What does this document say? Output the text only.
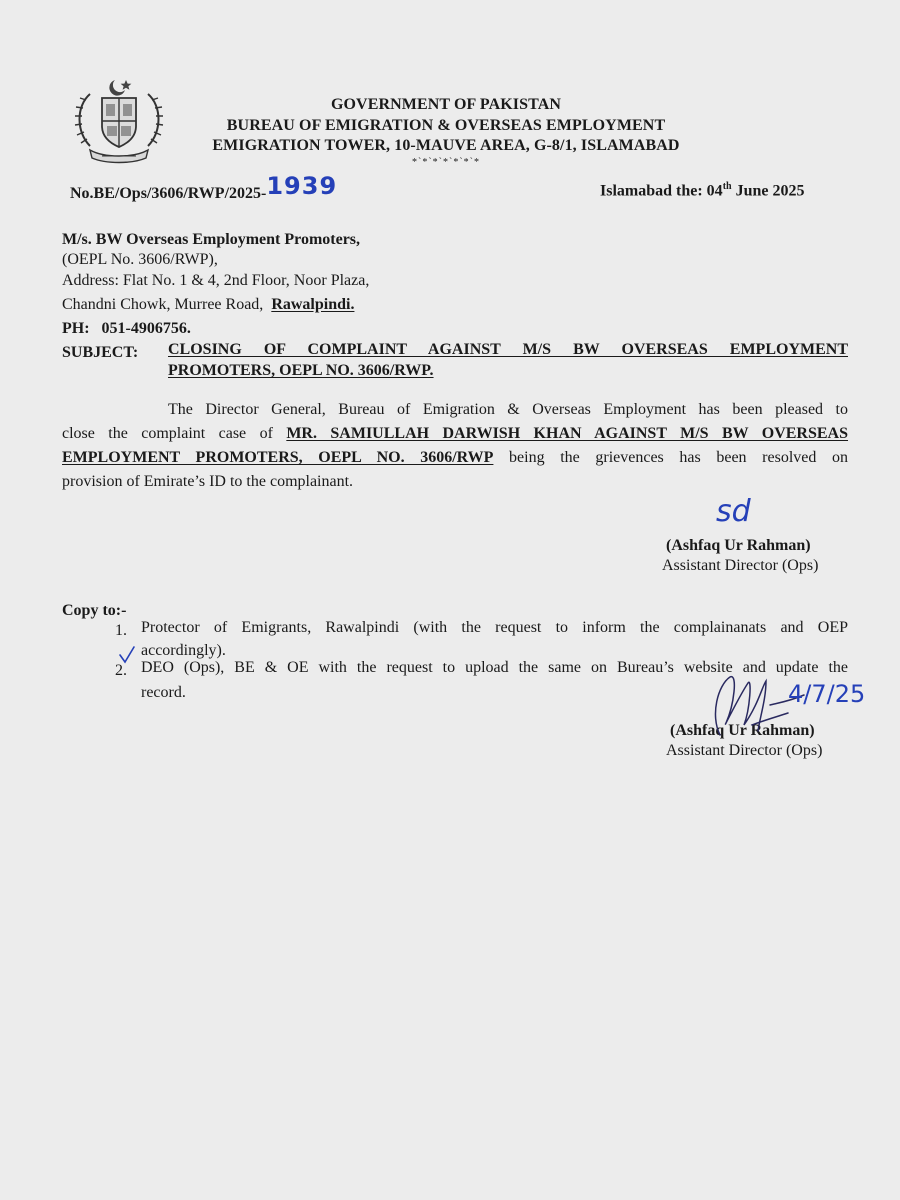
GOVERNMENT OF PAKISTAN
BUREAU OF EMIGRATION & OVERSEAS EMPLOYMENT
EMIGRATION TOWER, 10-MAUVE AREA, G-8/1, ISLAMABAD
*`*`*`*`*`*`*
No.BE/Ops/3606/RWP/2025-1939	Islamabad the: 04th June 2025
M/s. BW Overseas Employment Promoters,
(OEPL No. 3606/RWP),
Address: Flat No. 1 & 4, 2nd Floor, Noor Plaza,
Chandni Chowk, Murree Road, Rawalpindi.
PH: 051-4906756.
SUBJECT: CLOSING OF COMPLAINT AGAINST M/S BW OVERSEAS EMPLOYMENT
PROMOTERS, OEPL NO. 3606/RWP.
The Director General, Bureau of Emigration & Overseas Employment has been pleased to
close the complaint case of MR. SAMIULLAH DARWISH KHAN AGAINST M/S BW OVERSEAS
EMPLOYMENT PROMOTERS, OEPL NO. 3606/RWP being the grievences has been resolved on
provision of Emirate’s ID to the complainant.
sd
(Ashfaq Ur Rahman)
Assistant Director (Ops)
Copy to:-
1. Protector of Emigrants, Rawalpindi (with the request to inform the complainanats and OEP
accordingly).
2. DEO (Ops), BE & OE with the request to upload the same on Bureau’s website and update the
record.
(Ashfaq Ur Rahman)
Assistant Director (Ops)
4/7/25
